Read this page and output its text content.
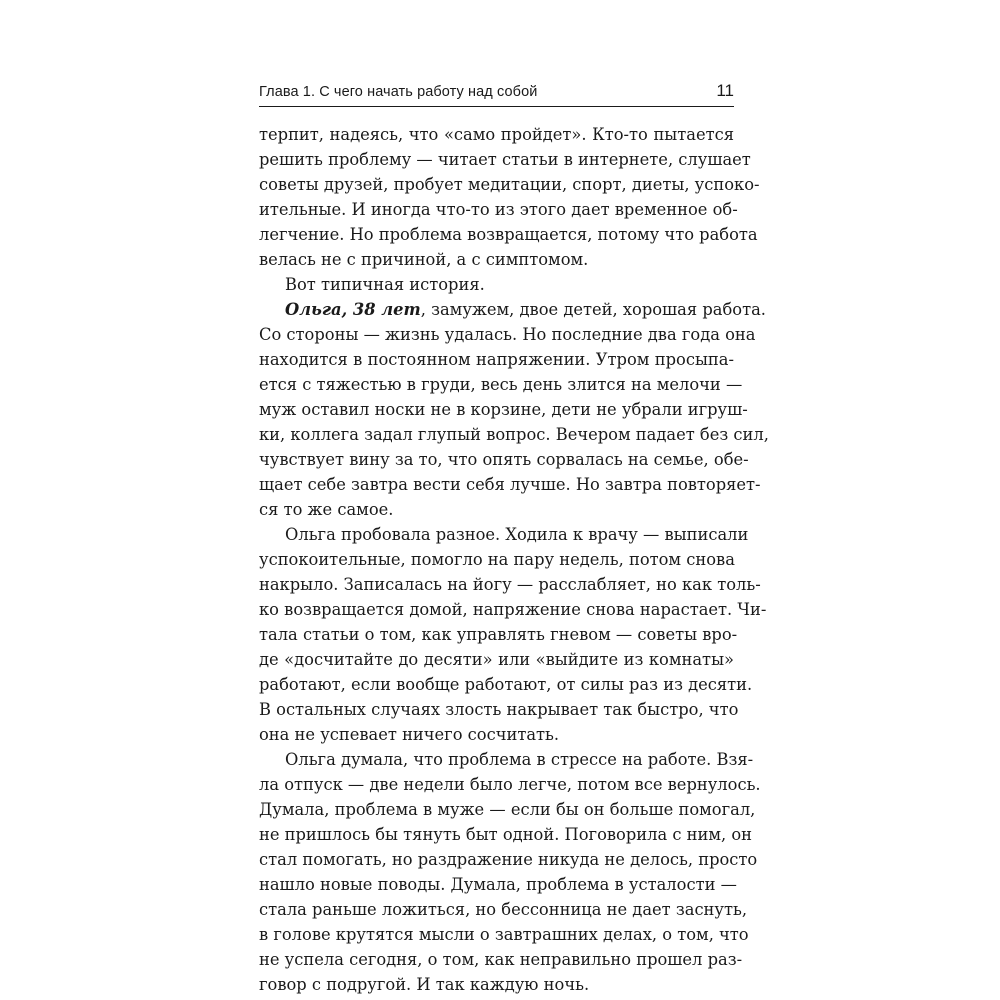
Глава 1. С чего начать работу над собой	11
терпит, надеясь, что «само пройдет». Кто-то пытается
решить проблему — читает статьи в интернете, слушает
советы друзей, пробует медитации, спорт, диеты, успоко-
ительные. И иногда что-то из этого дает временное об-
легчение. Но проблема возвращается, потому что работа
велась не с причиной, а с симптомом.
Вот типичная история.
Ольга, 38 лет, замужем, двое детей, хорошая работа.
Со стороны — жизнь удалась. Но последние два года она
находится в постоянном напряжении. Утром просыпа-
ется с тяжестью в груди, весь день злится на мелочи —
муж оставил носки не в корзине, дети не убрали игруш-
ки, коллега задал глупый вопрос. Вечером падает без сил,
чувствует вину за то, что опять сорвалась на семье, обе-
щает себе завтра вести себя лучше. Но завтра повторяет-
ся то же самое.
Ольга пробовала разное. Ходила к врачу — выписали
успокоительные, помогло на пару недель, потом снова
накрыло. Записалась на йогу — расслабляет, но как толь-
ко возвращается домой, напряжение снова нарастает. Чи-
тала статьи о том, как управлять гневом — советы вро-
де «досчитайте до десяти» или «выйдите из комнаты»
работают, если вообще работают, от силы раз из десяти.
В остальных случаях злость накрывает так быстро, что
она не успевает ничего сосчитать.
Ольга думала, что проблема в стрессе на работе. Взя-
ла отпуск — две недели было легче, потом все вернулось.
Думала, проблема в муже — если бы он больше помогал,
не пришлось бы тянуть быт одной. Поговорила с ним, он
стал помогать, но раздражение никуда не делось, просто
нашло новые поводы. Думала, проблема в усталости —
стала раньше ложиться, но бессонница не дает заснуть,
в голове крутятся мысли о завтрашних делах, о том, что
не успела сегодня, о том, как неправильно прошел раз-
говор с подругой. И так каждую ночь.
